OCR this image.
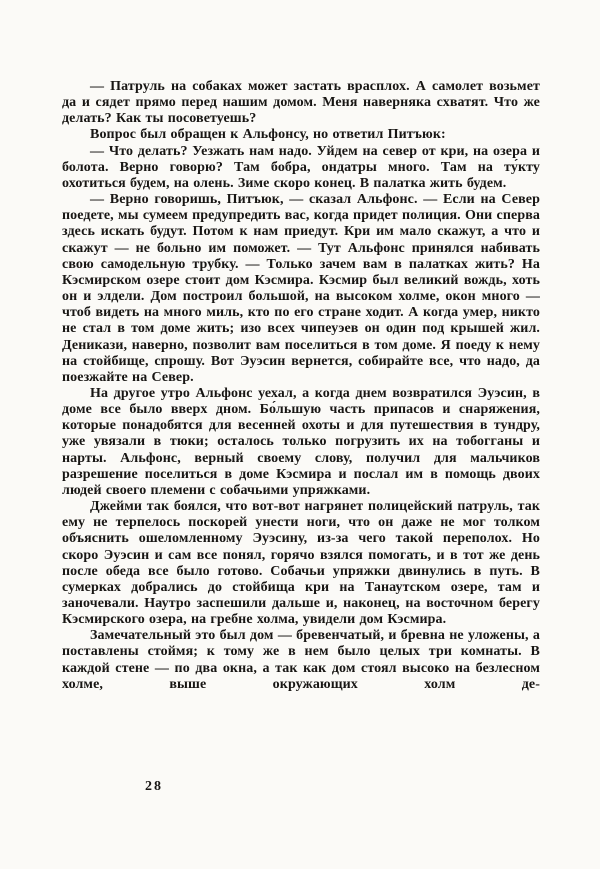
— Патруль на собаках может застать врасплох. А самолет возьмет да и сядет прямо перед нашим домом. Меня наверняка схватят. Что же делать? Как ты посоветуешь?

Вопрос был обращен к Альфонсу, но ответил Питъюк:

— Что делать? Уезжать нам надо. Уйдем на север от кри, на озера и болота. Верно говорю? Там бобра, ондатры много. Там на ту́кту охотиться будем, на олень. Зиме скоро конец. В палатка жить будем.

— Верно говоришь, Питъюк, — сказал Альфонс. — Если на Север поедете, мы сумеем предупредить вас, когда придет полиция. Они сперва здесь искать будут. Потом к нам приедут. Кри им мало скажут, а что и скажут — не больно им поможет. — Тут Альфонс принялся набивать свою самодельную трубку. — Только зачем вам в палатках жить? На Кэсмирском озере стоит дом Кэсмира. Кэсмир был великий вождь, хоть он и элдели. Дом построил большой, на высоком холме, окон много — чтоб видеть на много миль, кто по его стране ходит. А когда умер, никто не стал в том доме жить; изо всех чипеуэев он один под крышей жил. Деникази, наверно, позволит вам поселиться в том доме. Я поеду к нему на стойбище, спрошу. Вот Эуэсин вернется, собирайте все, что надо, да поезжайте на Север.

На другое утро Альфонс уехал, а когда днем возвратился Эуэсин, в доме все было вверх дном. Бо́льшую часть припасов и снаряжения, которые понадобятся для весенней охоты и для путешествия в тундру, уже увязали в тюки; осталось только погрузить их на тобогганы и нарты. Альфонс, верный своему слову, получил для мальчиков разрешение поселиться в доме Кэсмира и послал им в помощь двоих людей своего племени с собачьими упряжками.

Джейми так боялся, что вот-вот нагрянет полицейский патруль, так ему не терпелось поскорей унести ноги, что он даже не мог толком объяснить ошеломленному Эуэсину, из-за чего такой переполох. Но скоро Эуэсин и сам все понял, горячо взялся помогать, и в тот же день после обеда все было готово. Собачьи упряжки двинулись в путь. В сумерках добрались до стойбища кри на Танаутском озере, там и заночевали. Наутро заспешили дальше и, наконец, на восточном берегу Кэсмирского озера, на гребне холма, увидели дом Кэсмира.

Замечательный это был дом — бревенчатый, и бревна не уложены, а поставлены стоймя; к тому же в нем было целых три комнаты. В каждой стене — по два окна, а так как дом стоял высоко на безлесном холме, выше окружающих холм де-

28
